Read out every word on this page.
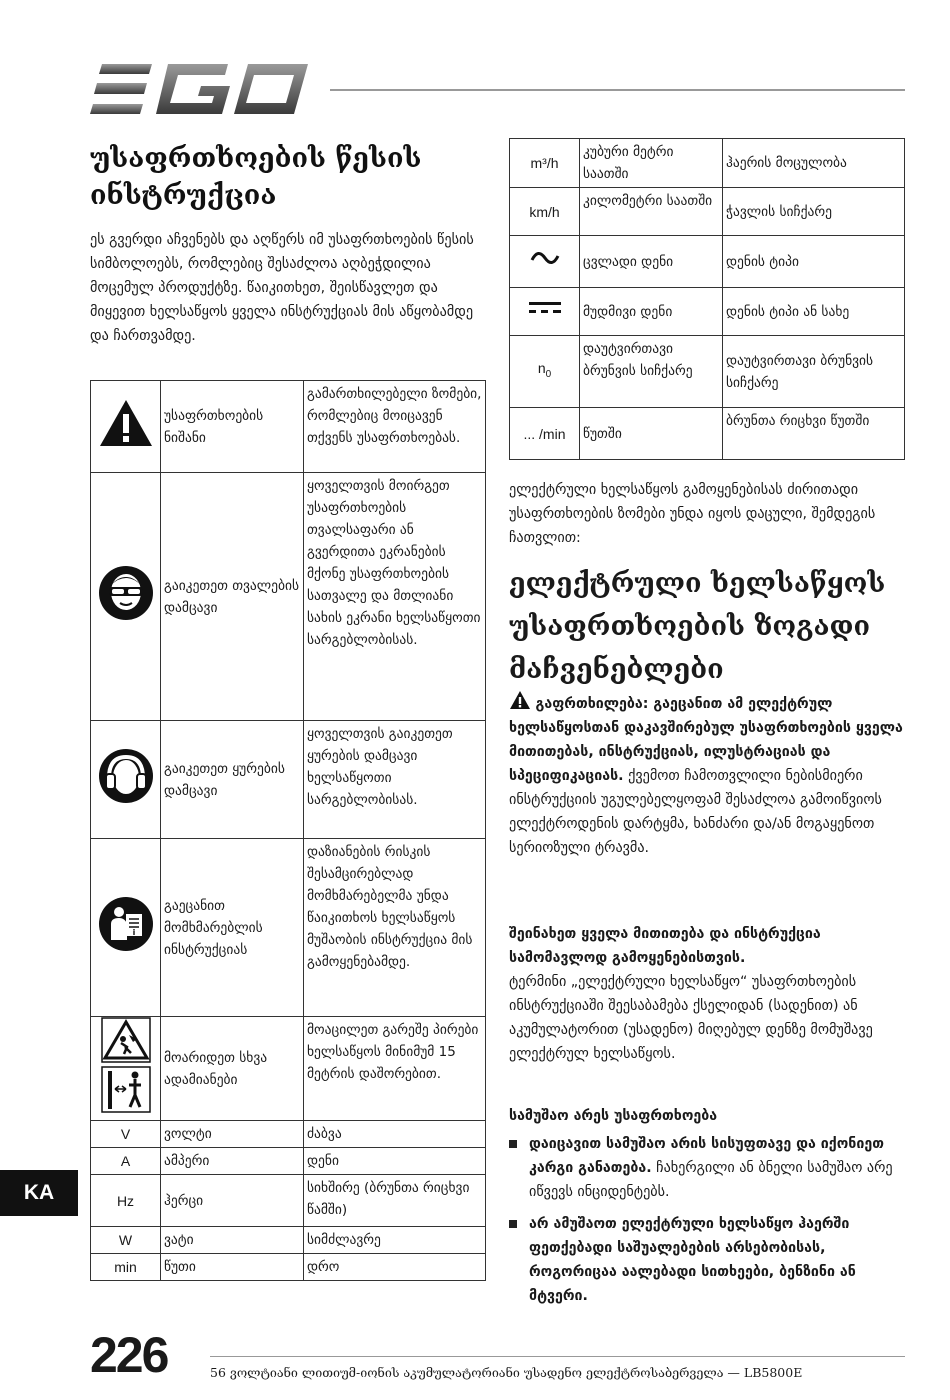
უსაფრთხოების წესის ინსტრუქცია

ეს გვერდი აჩვენებს და აღწერს იმ უსაფრთხოების წესის სიმბოლოებს, რომლებიც შესაძლოა აღბეჭდილია მოცემულ პროდუქტზე. წაიკითხეთ, შეისწავლეთ და მიყევით ხელსაწყოს ყველა ინსტრუქციას მის აწყობამდე და ჩართვამდე.

	უსაფრთხოების ნიშანი	გამართხილებელი ზომები, რომლებიც მოიცავენ თქვენს უსაფრთხოებას.
	გაიკეთეთ თვალების დამცავი	ყოველთვის მოირგეთ უსაფრთხოების თვალსაფარი ან გვერდითა ეკრანების მქონე უსაფრთხოების სათვალე და მთლიანი სახის ეკრანი ხელსაწყოთი სარგებლობისას.
	გაიკეთეთ ყურების დამცავი	ყოველთვის გაიკეთეთ ყურების დამცავი ხელსაწყოთი სარგებლობისას.

i	გაეცანით მომხმარებლის ინსტრუქციას	დაზიანების რისკის შესამცირებლად მომხმარებელმა უნდა წაიკითხოს ხელსაწყოს მუშაობის ინსტრუქცია მის გამოყენებამდე.
	მოარიდეთ სხვა ადამიანები	მოაცილეთ გარეშე პირები ხელსაწყოს მინიმუმ 15 მეტრის დაშორებით.
V	ვოლტი	ძაბვა
A	ამპერი	დენი
Hz	ჰერცი	სიხშირე (ბრუნთა რიცხვი წამში)
W	ვატი	სიმძლავრე
min	წუთი	დრო
m³/h	კუბური მეტრი საათში	ჰაერის მოცულობა
km/h	კილომეტრი საათში	ჭავლის სიჩქარე
	ცვლადი დენი	დენის ტიპი
	მუდმივი დენი	დენის ტიპი ან სახე
$n_0$	დაუტვირთავი ბრუნვის სიჩქარე	დაუტვირთავი ბრუნვის სიჩქარე
... /min	წუთში	ბრუნთა რიცხვი წუთში

ელექტრული ხელსაწყოს გამოყენებისას ძირითადი უსაფრთხოების ზომები უნდა იყოს დაცული, შემდეგის ჩათვლით:

ელექტრული ხელსაწყოს უსაფრთხოების ზოგადი მაჩვენებლები

გაფრთხილება: გაეცანით ამ ელექტრულ ხელსაწყოსთან დაკავშირებულ უსაფრთხოების ყველა მითითებას, ინსტრუქციას, ილუსტრაციას და სპეციფიკაციას. ქვემოთ ჩამოთვლილი ნებისმიერი ინსტრუქციის უგულებელყოფამ შესაძლოა გამოიწვიოს ელექტროდენის დარტყმა, ხანძარი და/ან მოგაყენოთ სერიოზული ტრავმა.

შეინახეთ ყველა მითითება და ინსტრუქცია სამომავლოდ გამოყენებისთვის.

ტერმინი „ელექტრული ხელსაწყო“ უსაფრთხოების ინსტრუქციაში შეესაბამება ქსელიდან (სადენით) ან აკუმულატორით (უსადენო) მიღებულ დენზე მომუშავე ელექტრულ ხელსაწყოს.

სამუშაო არეს უსაფრთხოება

დაიცავით სამუშაო არის სისუფთავე და იქონიეთ კარგი განათება. ჩახერგილი ან ბნელი სამუშაო არე იწვევს ინციდენტებს.
არ ამუშაოთ ელექტრული ხელსაწყო ჰაერში ფეთქებადი საშუალებების არსებობისას, როგორიცაა აალებადი სითხეები, ბენზინი ან მტვერი.
KA
226	56 ვოლტიანი ლითიუმ-იონის აკუმულატორიანი უსადენო ელექტროსაბერველა — LB5800E
